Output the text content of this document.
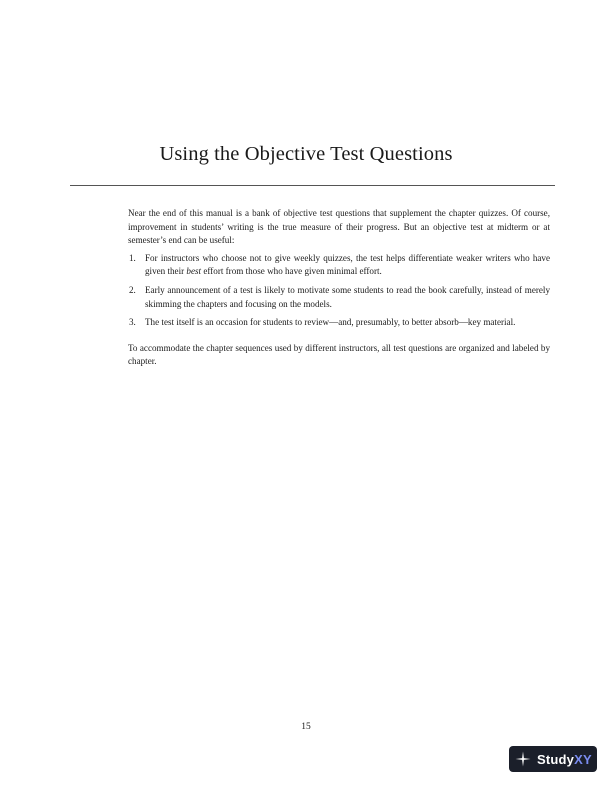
Using the Objective Test Questions

Near the end of this manual is a bank of objective test questions that supplement the chapter quizzes. Of course, improvement in students’ writing is the true measure of their progress. But an objective test at midterm or at semester’s end can be useful:

1. For instructors who choose not to give weekly quizzes, the test helps differentiate weaker writers who have given their best effort from those who have given minimal effort.
2. Early announcement of a test is likely to motivate some students to read the book carefully, instead of merely skimming the chapters and focusing on the models.
3. The test itself is an occasion for students to review—and, presumably, to better absorb—key material.

To accommodate the chapter sequences used by different instructors, all test questions are organized and labeled by chapter.

15
StudyXY
